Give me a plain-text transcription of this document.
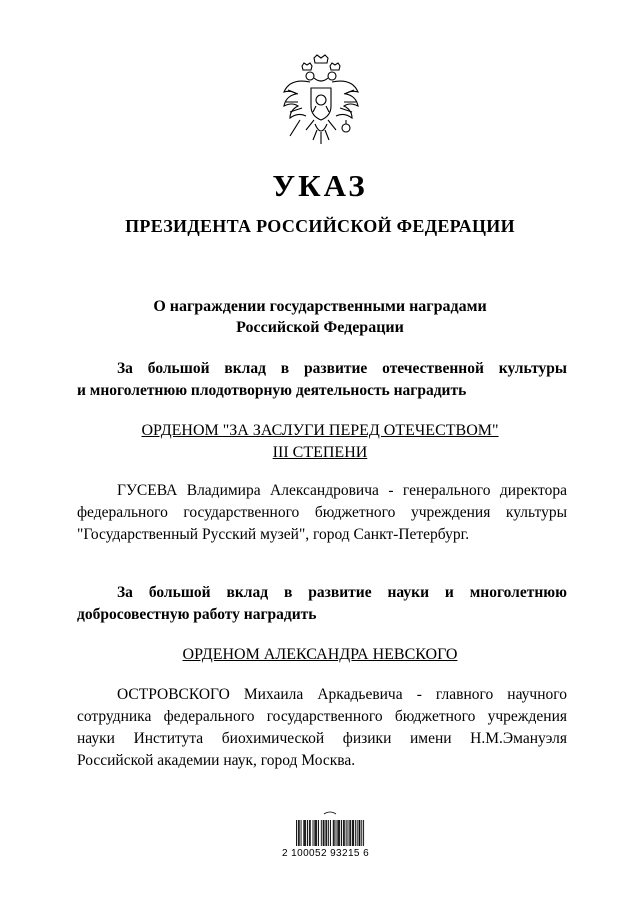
УКАЗ
ПРЕЗИДЕНТА РОССИЙСКОЙ ФЕДЕРАЦИИ
О награждении государственными наградами
Российской Федерации
За большой вклад в развитие отечественной культуры
и многолетнюю плодотворную деятельность наградить
ОРДЕНОМ "ЗА ЗАСЛУГИ ПЕРЕД ОТЕЧЕСТВОМ"
III СТЕПЕНИ
ГУСЕВА Владимира Александровича - генерального директора
федерального государственного бюджетного учреждения культуры
"Государственный Русский музей", город Санкт-Петербург.
За большой вклад в развитие науки и многолетнюю
добросовестную работу наградить
ОРДЕНОМ АЛЕКСАНДРА НЕВСКОГО
ОСТРОВСКОГО Михаила Аркадьевича - главного научного
сотрудника федерального государственного бюджетного учреждения
науки Института биохимической физики имени Н.М.Эмануэля
Российской академии наук, город Москва.
2 100052 93215 6
